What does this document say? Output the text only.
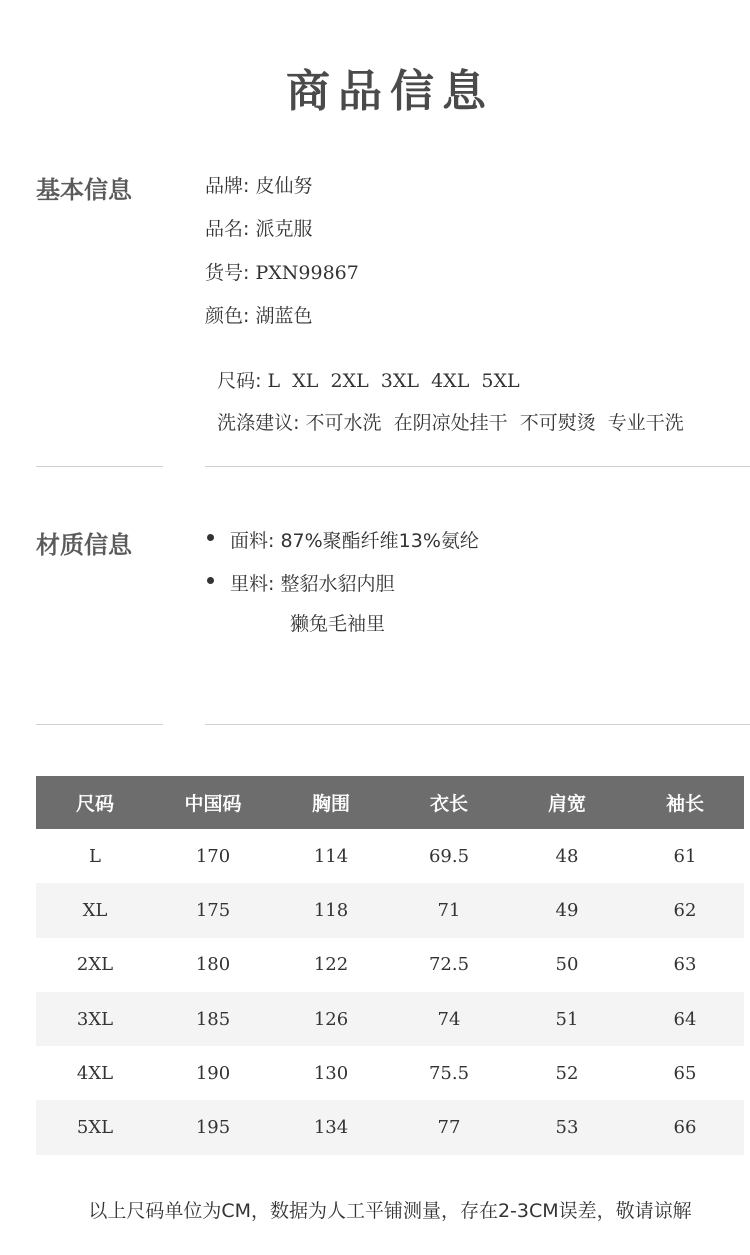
商品信息
基本信息	品牌: 皮仙努
品名: 派克服
货号: PXN99867
颜色: 湖蓝色

尺码: L  XL  2XL  3XL  4XL  5XL

洗涤建议: 不可水洗  在阴凉处挂干  不可熨烫  专业干洗

材质信息	面料: 87%聚酯纤维13%氨纶
里料: 整貂水貂内胆
獭兔毛袖里
尺码	中国码	胸围	衣长	肩宽	袖长
L	170	114	69.5	48	61
XL	175	118	71	49	62
2XL	180	122	72.5	50	63
3XL	185	126	74	51	64
4XL	190	130	75.5	52	65
5XL	195	134	77	53	66
以上尺码单位为CM，数据为人工平铺测量，存在2-3CM误差，敬请谅解
